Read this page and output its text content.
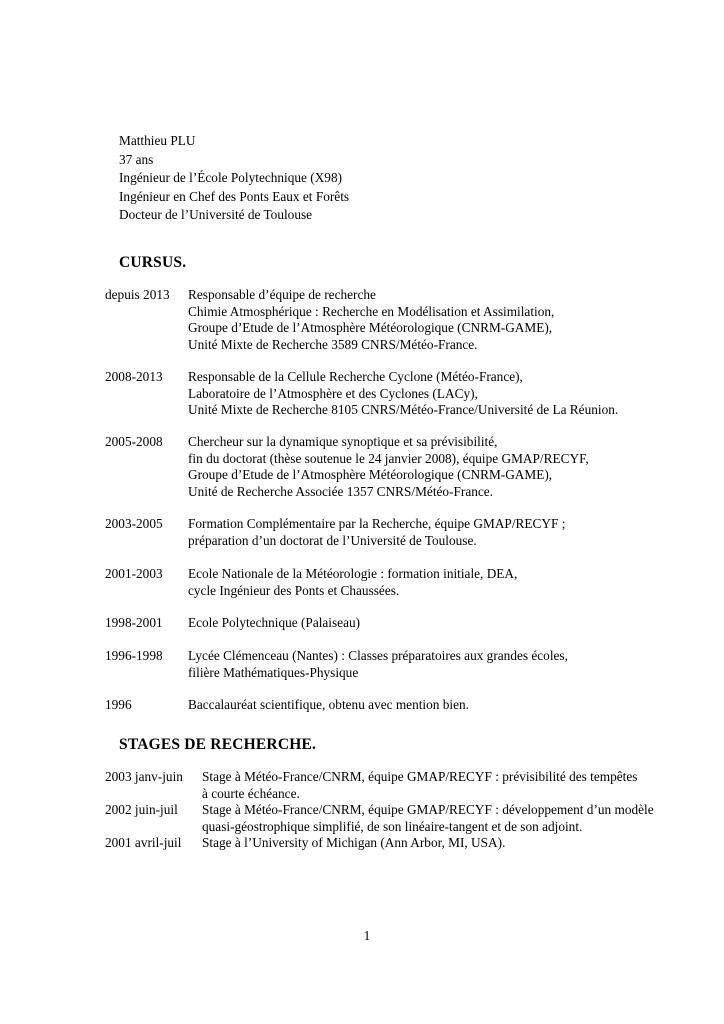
Matthieu PLU
37 ans
Ingénieur de l’École Polytechnique (X98)
Ingénieur en Chef des Ponts Eaux et Forêts
Docteur de l’Université de Toulouse
CURSUS.
depuis 2013 Responsable d’équipe de recherche
Chimie Atmosphérique : Recherche en Modélisation et Assimilation,
Groupe d’Etude de l’Atmosphère Météorologique (CNRM-GAME),
Unité Mixte de Recherche 3589 CNRS/Météo-France.
2008-2013 Responsable de la Cellule Recherche Cyclone (Météo-France),
Laboratoire de l’Atmosphère et des Cyclones (LACy),
Unité Mixte de Recherche 8105 CNRS/Météo-France/Université de La Réunion.
2005-2008 Chercheur sur la dynamique synoptique et sa prévisibilité,
fin du doctorat (thèse soutenue le 24 janvier 2008), équipe GMAP/RECYF,
Groupe d’Etude de l’Atmosphère Météorologique (CNRM-GAME),
Unité de Recherche Associée 1357 CNRS/Météo-France.
2003-2005 Formation Complémentaire par la Recherche, équipe GMAP/RECYF ;
préparation d’un doctorat de l’Université de Toulouse.
2001-2003 Ecole Nationale de la Météorologie : formation initiale, DEA,
cycle Ingénieur des Ponts et Chaussées.
1998-2001 Ecole Polytechnique (Palaiseau)
1996-1998 Lycée Clémenceau (Nantes) : Classes préparatoires aux grandes écoles,
filière Mathématiques-Physique
1996	Baccalauréat scientifique, obtenu avec mention bien.
STAGES DE RECHERCHE.
2003 janv-juin Stage à Météo-France/CNRM, équipe GMAP/RECYF : prévisibilité des tempêtes
à courte échéance.
2002 juin-juil Stage à Météo-France/CNRM, équipe GMAP/RECYF : développement d’un modèle
quasi-géostrophique simplifié, de son linéaire-tangent et de son adjoint.
2001 avril-juil Stage à l’University of Michigan (Ann Arbor, MI, USA).
1
